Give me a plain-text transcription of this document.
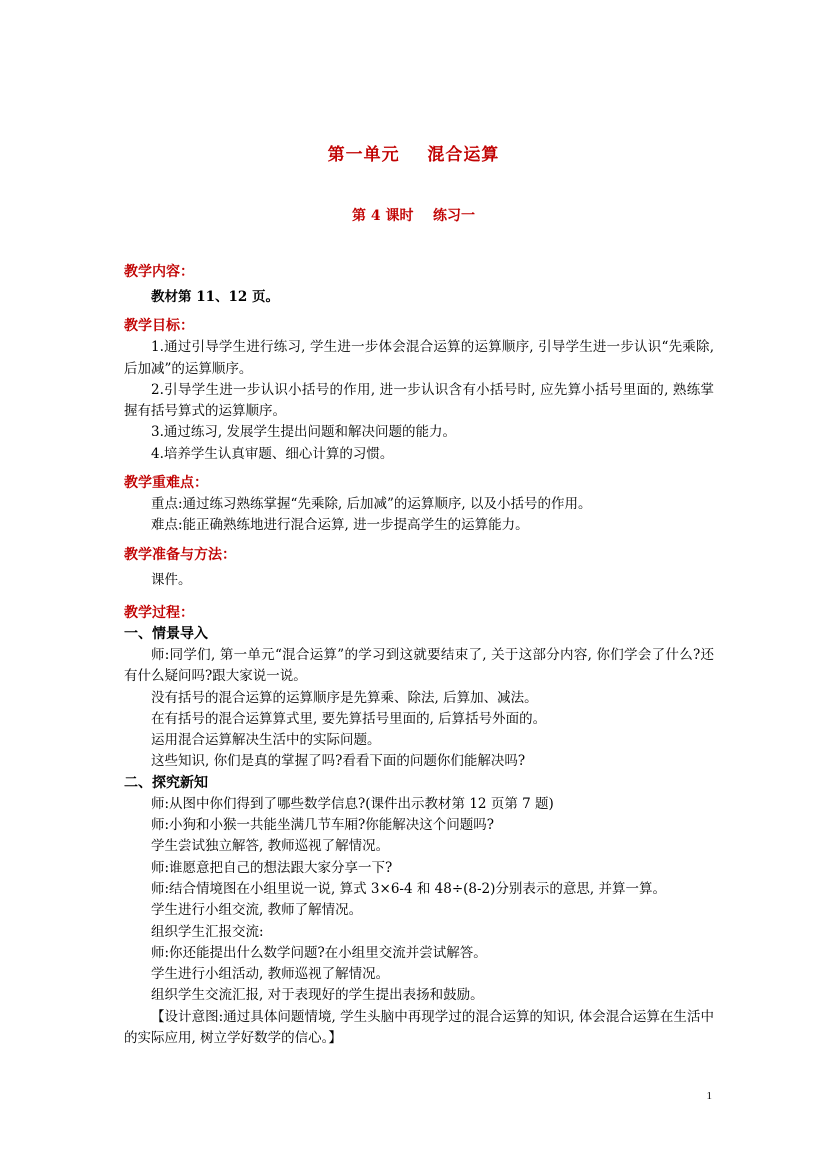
第一单元    混合运算
第 4 课时    练习一
教学内容：

教材第 11、12 页。

教学目标：

1.通过引导学生进行练习, 学生进一步体会混合运算的运算顺序, 引导学生进一步认识“先乘除, 后加减”的运算顺序。

2.引导学生进一步认识小括号的作用, 进一步认识含有小括号时, 应先算小括号里面的, 熟练掌握有括号算式的运算顺序。

3.通过练习, 发展学生提出问题和解决问题的能力。

4.培养学生认真审题、细心计算的习惯。

教学重难点：

重点:通过练习熟练掌握“先乘除, 后加减”的运算顺序, 以及小括号的作用。

难点:能正确熟练地进行混合运算, 进一步提高学生的运算能力。

教学准备与方法：

课件。

教学过程：
一、情景导入

师:同学们, 第一单元“混合运算”的学习到这就要结束了, 关于这部分内容, 你们学会了什么?还有什么疑问吗?跟大家说一说。

没有括号的混合运算的运算顺序是先算乘、除法, 后算加、减法。

在有括号的混合运算算式里, 要先算括号里面的, 后算括号外面的。

运用混合运算解决生活中的实际问题。

这些知识, 你们是真的掌握了吗?看看下面的问题你们能解决吗?

二、探究新知

师:从图中你们得到了哪些数学信息?(课件出示教材第 12 页第 7 题)

师:小狗和小猴一共能坐满几节车厢?你能解决这个问题吗?

学生尝试独立解答, 教师巡视了解情况。

师:谁愿意把自己的想法跟大家分享一下?

师:结合情境图在小组里说一说, 算式 3×6-4 和 48÷(8-2)分别表示的意思, 并算一算。

学生进行小组交流, 教师了解情况。

组织学生汇报交流:

师:你还能提出什么数学问题?在小组里交流并尝试解答。

学生进行小组活动, 教师巡视了解情况。

组织学生交流汇报, 对于表现好的学生提出表扬和鼓励。

【设计意图:通过具体问题情境, 学生头脑中再现学过的混合运算的知识, 体会混合运算在生活中的实际应用, 树立学好数学的信心。】

1
